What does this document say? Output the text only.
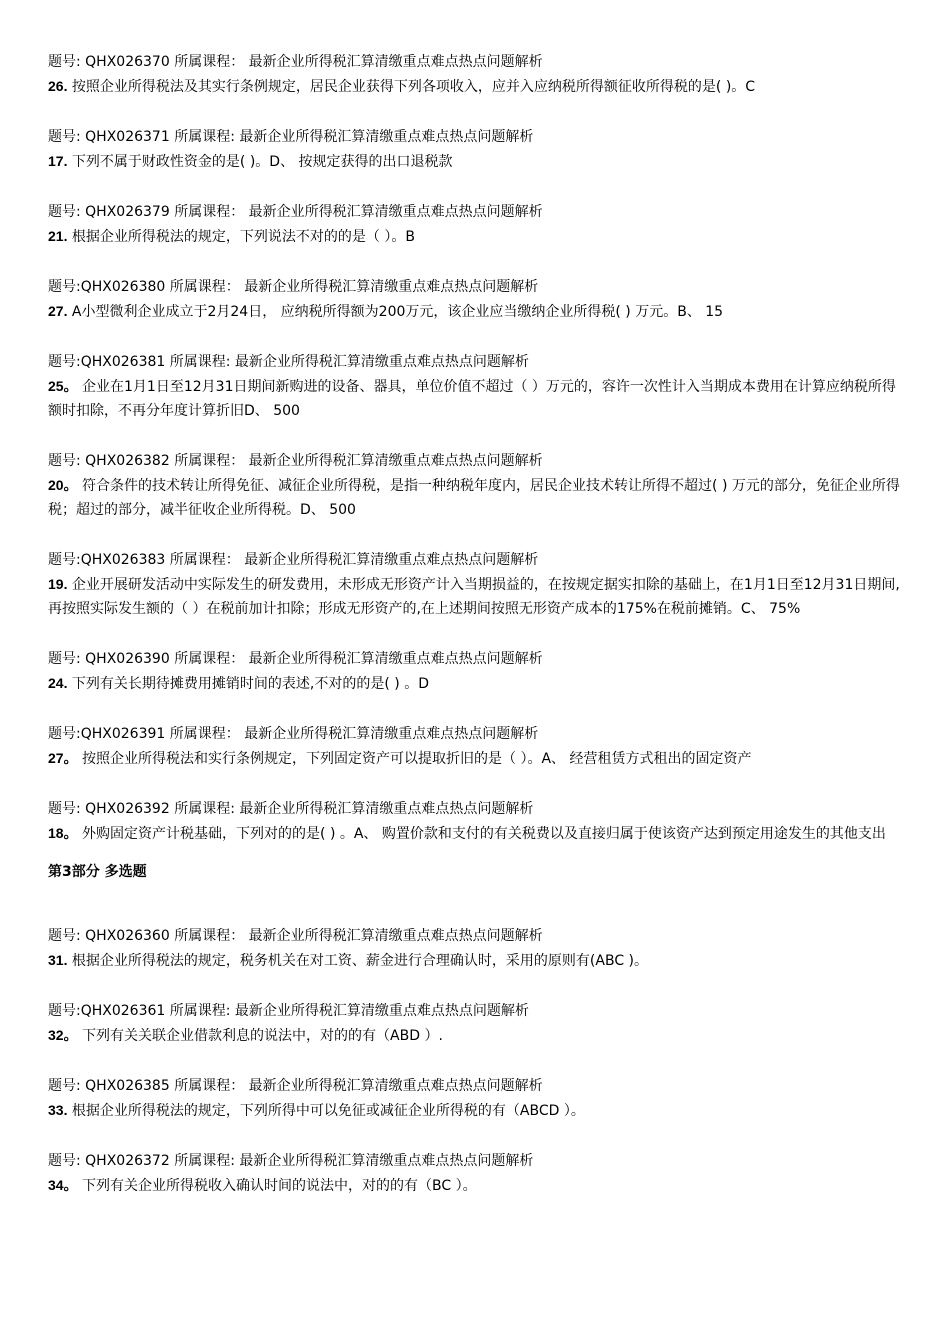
题号: QHX026370 所属课程： 最新企业所得税汇算清缴重点难点热点问题解析
26. 按照企业所得税法及其实行条例规定，居民企业获得下列各项收入，应并入应纳税所得额征收所得税的是( )。C
题号: QHX026371 所属课程: 最新企业所得税汇算清缴重点难点热点问题解析
17. 下列不属于财政性资金的是( )。D、 按规定获得的出口退税款
题号: QHX026379 所属课程： 最新企业所得税汇算清缴重点难点热点问题解析
21. 根据企业所得税法的规定，下列说法不对的的是（ ）。B
题号:QHX026380 所属课程： 最新企业所得税汇算清缴重点难点热点问题解析
27. A小型微利企业成立于2月24日， 应纳税所得额为200万元，该企业应当缴纳企业所得税( ) 万元。B、 15
题号:QHX026381 所属课程: 最新企业所得税汇算清缴重点难点热点问题解析
25。 企业在1月1日至12月31日期间新购进的设备、器具，单位价值不超过（ ）万元的，容许一次性计入当期成本费用在计算应纳税所得额时扣除，不再分年度计算折旧D、 500
题号: QHX026382 所属课程： 最新企业所得税汇算清缴重点难点热点问题解析
20。 符合条件的技术转让所得免征、减征企业所得税，是指一种纳税年度内，居民企业技术转让所得不超过( ) 万元的部分，免征企业所得税；超过的部分，减半征收企业所得税。D、 500
题号:QHX026383 所属课程： 最新企业所得税汇算清缴重点难点热点问题解析
19. 企业开展研发活动中实际发生的研发费用，未形成无形资产计入当期损益的，在按规定据实扣除的基础上，在1月1日至12月31日期间,再按照实际发生额的（ ）在税前加计扣除；形成无形资产的,在上述期间按照无形资产成本的175%在税前摊销。C、 75%
题号: QHX026390 所属课程： 最新企业所得税汇算清缴重点难点热点问题解析
24. 下列有关长期待摊费用摊销时间的表述,不对的的是( ) 。D
题号:QHX026391 所属课程： 最新企业所得税汇算清缴重点难点热点问题解析
27。 按照企业所得税法和实行条例规定，下列固定资产可以提取折旧的是（ ）。A、 经营租赁方式租出的固定资产
题号: QHX026392 所属课程: 最新企业所得税汇算清缴重点难点热点问题解析
18。 外购固定资产计税基础，下列对的的是( ) 。A、 购置价款和支付的有关税费以及直接归属于使该资产达到预定用途发生的其他支出
第3部分 多选题
题号: QHX026360 所属课程： 最新企业所得税汇算清缴重点难点热点问题解析
31. 根据企业所得税法的规定，税务机关在对工资、薪金进行合理确认时，采用的原则有(ABC )。
题号:QHX026361 所属课程: 最新企业所得税汇算清缴重点难点热点问题解析
32。 下列有关关联企业借款利息的说法中，对的的有（ABD ）.
题号: QHX026385 所属课程： 最新企业所得税汇算清缴重点难点热点问题解析
33. 根据企业所得税法的规定，下列所得中可以免征或减征企业所得税的有（ABCD ）。
题号: QHX026372 所属课程: 最新企业所得税汇算清缴重点难点热点问题解析
34。 下列有关企业所得税收入确认时间的说法中，对的的有（BC ）。
